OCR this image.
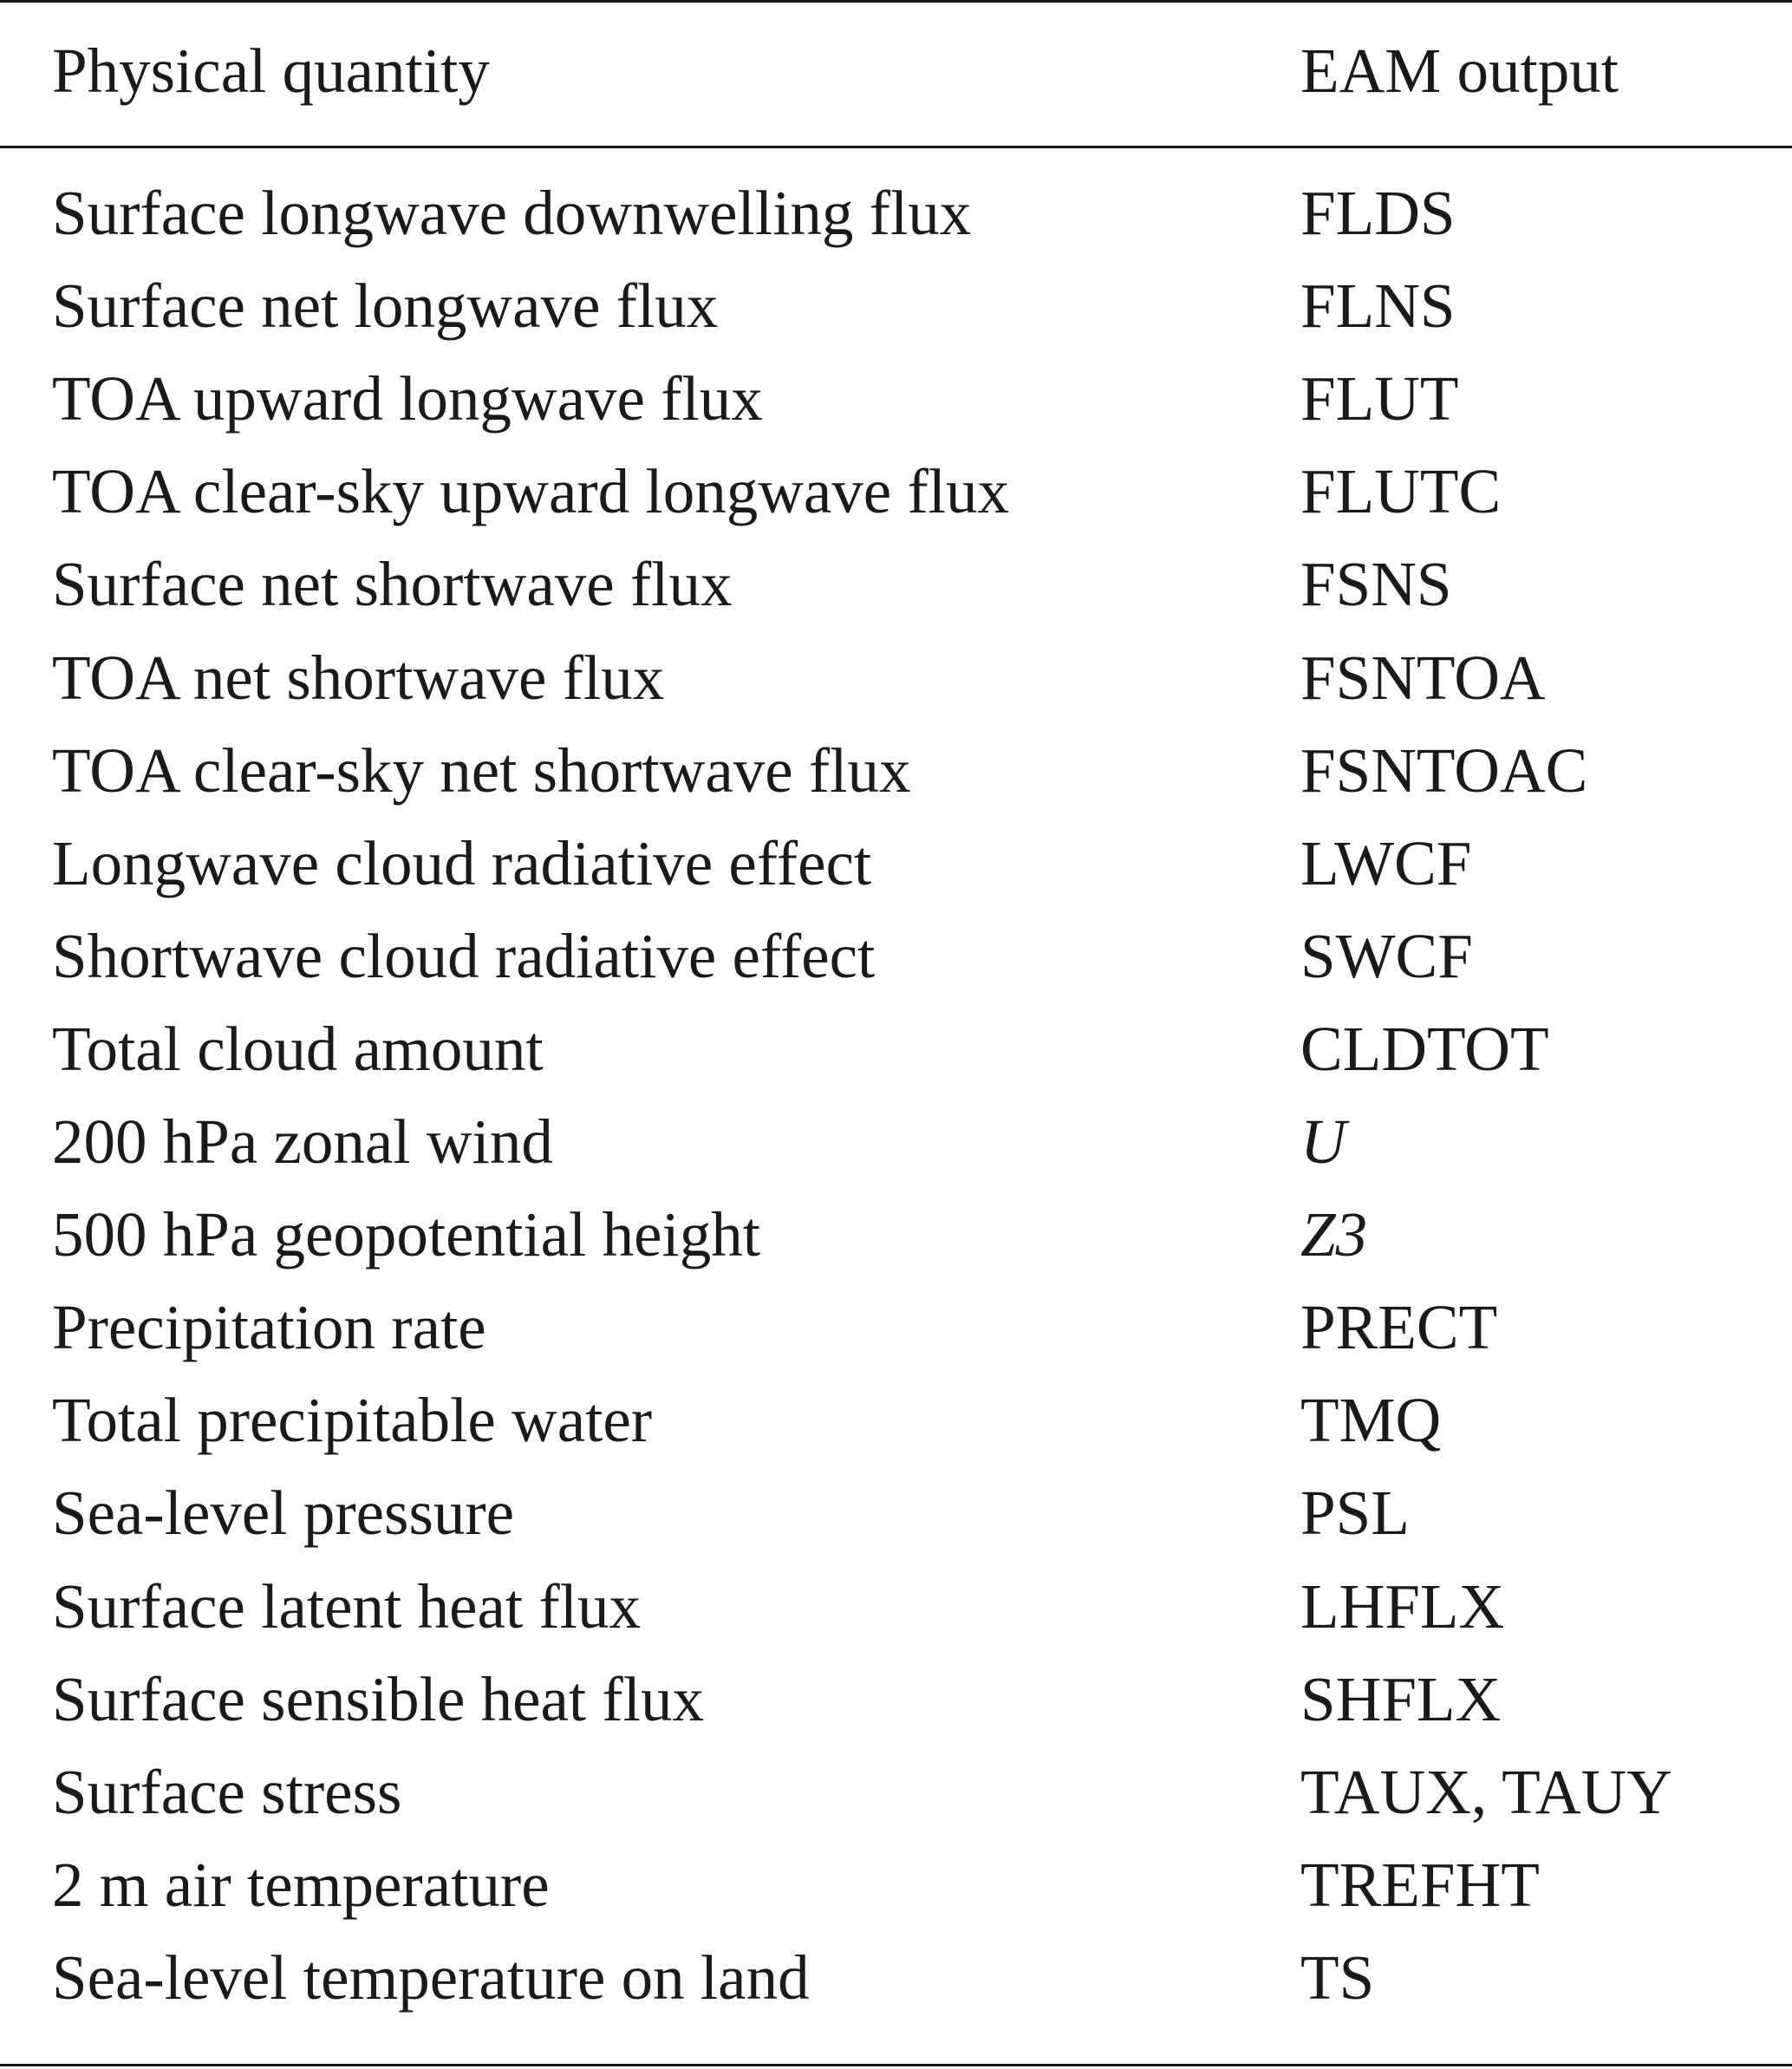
Physical quantity	EAM output
Surface longwave downwelling flux	FLDS
Surface net longwave flux	FLNS
TOA upward longwave flux	FLUT
TOA clear-sky upward longwave flux	FLUTC
Surface net shortwave flux	FSNS
TOA net shortwave flux	FSNTOA
TOA clear-sky net shortwave flux	FSNTOAC
Longwave cloud radiative effect	LWCF
Shortwave cloud radiative effect	SWCF
Total cloud amount	CLDTOT
200 hPa zonal wind	U
500 hPa geopotential height	Z3
Precipitation rate	PRECT
Total precipitable water	TMQ
Sea-level pressure	PSL
Surface latent heat flux	LHFLX
Surface sensible heat flux	SHFLX
Surface stress	TAUX, TAUY
2 m air temperature	TREFHT
Sea-level temperature on land	TS
